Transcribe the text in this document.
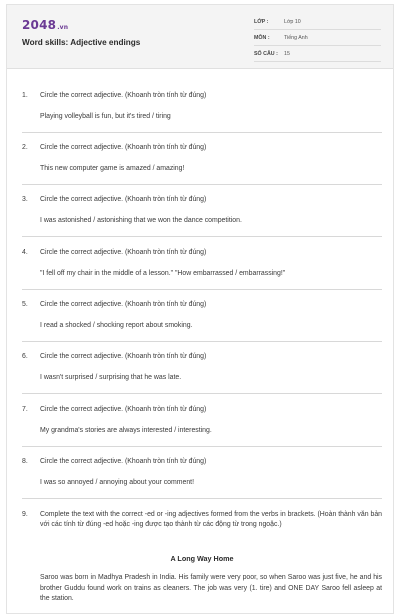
2048.vn
Word skills: Adjective endings
LỚP :	Lớp 10
MÔN :	Tiếng Anh
SỐ CÂU : 15
1. Circle the correct adjective. (Khoanh tròn tính từ đúng)
Playing volleyball is fun, but it's tired / tiring
2. Circle the correct adjective. (Khoanh tròn tính từ đúng)
This new computer game is amazed / amazing!
3. Circle the correct adjective. (Khoanh tròn tính từ đúng)
I was astonished / astonishing that we won the dance competition.
4. Circle the correct adjective. (Khoanh tròn tính từ đúng)
"I fell off my chair in the middle of a lesson." "How embarrassed / embarrassing!"
5. Circle the correct adjective. (Khoanh tròn tính từ đúng)
I read a shocked / shocking report about smoking.
6. Circle the correct adjective. (Khoanh tròn tính từ đúng)
I wasn't surprised / surprising that he was late.
7. Circle the correct adjective. (Khoanh tròn tính từ đúng)
My grandma's stories are always interested / interesting.
8. Circle the correct adjective. (Khoanh tròn tính từ đúng)
I was so annoyed / annoying about your comment!
9. Complete the text with the correct -ed or -ing adjectives formed from the verbs in brackets. (Hoàn thành văn bản với các tính từ đúng -ed hoặc -ing được tạo thành từ các động từ trong ngoặc.)
A Long Way Home
Saroo was born in Madhya Pradesh in India. His family were very poor, so when Saroo was just five, he and his brother Guddu found work on trains as cleaners. The job was very (1. tire) and ONE DAY Saroo fell asleep at the station.
